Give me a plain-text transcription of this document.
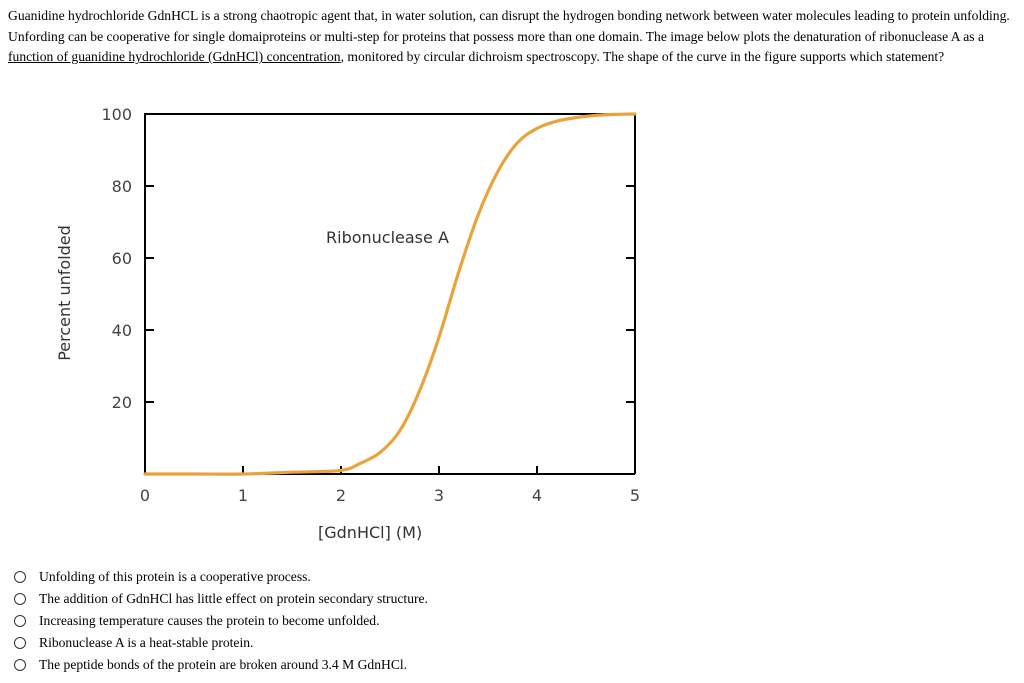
Guanidine hydrochloride GdnHCL is a strong chaotropic agent that, in water solution, can disrupt the hydrogen bonding network between water molecules leading to protein unfolding. Unfording can be cooperative for single domaiproteins or multi-step for proteins that possess more than one domain. The image below plots the denaturation of ribonuclease A as a function of guanidine hydrochloride (GdnHCl) concentration, monitored by circular dichroism spectroscopy. The shape of the curve in the figure supports which statement?
20
40
60
80
100
0	1	2	3	4	5
Ribonuclease A
[GdnHCl] (M)
Percent unfolded
Unfolding of this protein is a cooperative process.
The addition of GdnHCl has little effect on protein secondary structure.
Increasing temperature causes the protein to become unfolded.
Ribonuclease A is a heat-stable protein.
The peptide bonds of the protein are broken around 3.4 M GdnHCl.
